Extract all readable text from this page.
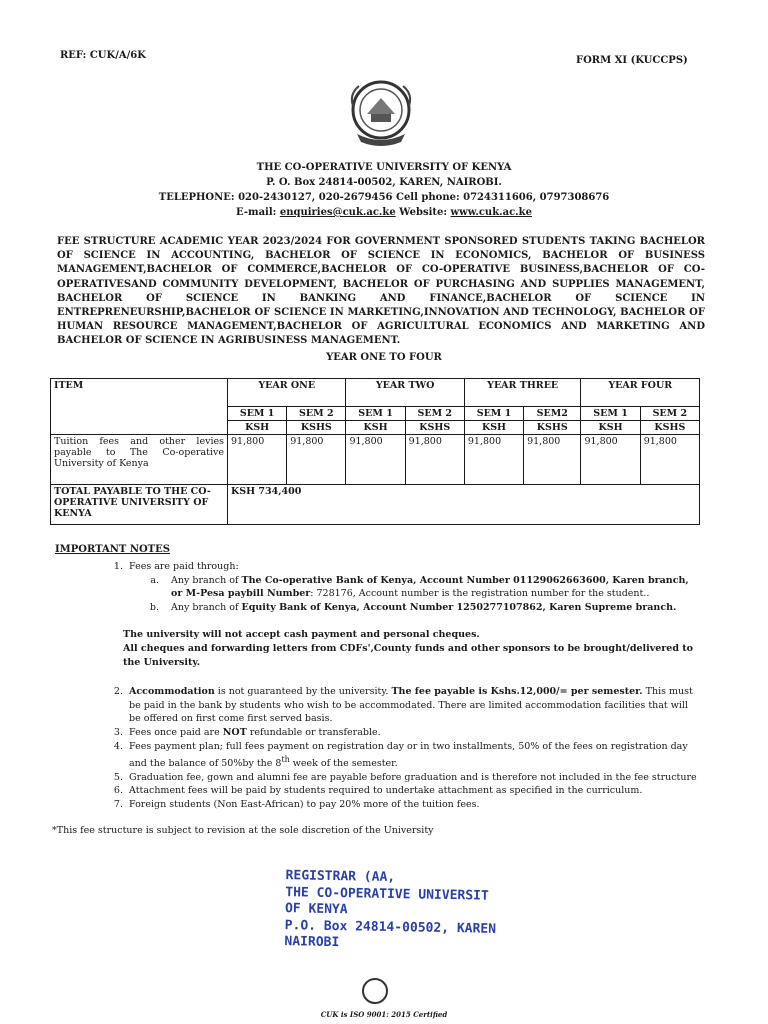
REF: CUK/A/6K	FORM XI (KUCCPS)
THE CO-OPERATIVE UNIVERSITY OF KENYA
P. O. Box 24814-00502, KAREN, NAIROBI.
TELEPHONE: 020-2430127, 020-2679456 Cell phone: 0724311606, 0797308676
E-mail: enquiries@cuk.ac.ke Website: www.cuk.ac.ke
FEE STRUCTURE ACADEMIC YEAR 2023/2024 FOR GOVERNMENT SPONSORED STUDENTS TAKING BACHELOR OF SCIENCE IN ACCOUNTING, BACHELOR OF SCIENCE IN ECONOMICS, BACHELOR OF BUSINESS MANAGEMENT,BACHELOR OF COMMERCE,BACHELOR OF CO-OPERATIVE BUSINESS,BACHELOR OF CO-OPERATIVESAND COMMUNITY DEVELOPMENT, BACHELOR OF PURCHASING AND SUPPLIES MANAGEMENT, BACHELOR OF SCIENCE IN BANKING AND FINANCE,BACHELOR OF SCIENCE IN ENTREPRENEURSHIP,BACHELOR OF SCIENCE IN MARKETING,INNOVATION AND TECHNOLOGY, BACHELOR OF HUMAN RESOURCE MANAGEMENT,BACHELOR OF AGRICULTURAL ECONOMICS AND MARKETING AND BACHELOR OF SCIENCE IN AGRIBUSINESS MANAGEMENT.
YEAR ONE TO FOUR
ITEM	YEAR ONE		YEAR TWO		YEAR THREE		YEAR FOUR	
	SEM 1	SEM 2	SEM 1	SEM 2	SEM 1	SEM2	SEM 1	SEM 2
	KSH	KSHS	KSH	KSHS	KSH	KSHS	KSH	KSHS
Tuition fees and other levies payable to The Co-operative University of Kenya	91,800	91,800	91,800	91,800	91,800	91,800	91,800	91,800
TOTAL PAYABLE TO THE CO-OPERATIVE UNIVERSITY OF KENYA	KSH 734,400							
IMPORTANT NOTES
1. Fees are paid through:
a.	Any branch of The Co-operative Bank of Kenya, Account Number 01129062663600, Karen branch, or M-Pesa paybill Number: 728176, Account number is the registration number for the student..
b.	Any branch of Equity Bank of Kenya, Account Number 1250277107862, Karen Supreme branch.
The university will not accept cash payment and personal cheques.
All cheques and forwarding letters from CDFs',County funds and other sponsors to be brought/delivered to the University.
2. Accommodation is not guaranteed by the university. The fee payable is Kshs.12,000/= per semester. This must be paid in the bank by students who wish to be accommodated. There are limited accommodation facilities that will be offered on first come first served basis.
3. Fees once paid are NOT refundable or transferable.
4. Fees payment plan; full fees payment on registration day or in two installments, 50% of the fees on registration day and the balance of 50%by the 8th week of the semester.
5. Graduation fee, gown and alumni fee are payable before graduation and is therefore not included in the fee structure
6. Attachment fees will be paid by students required to undertake attachment as specified in the curriculum.
7. Foreign students (Non East-African) to pay 20% more of the tuition fees.
*This fee structure is subject to revision at the sole discretion of the University
REGISTRAR (AA,
THE CO-OPERATIVE UNIVERSIT
OF KENYA
P.O. Box 24814-00502, KAREN
NAIROBI
CUK is ISO 9001: 2015 Certified
